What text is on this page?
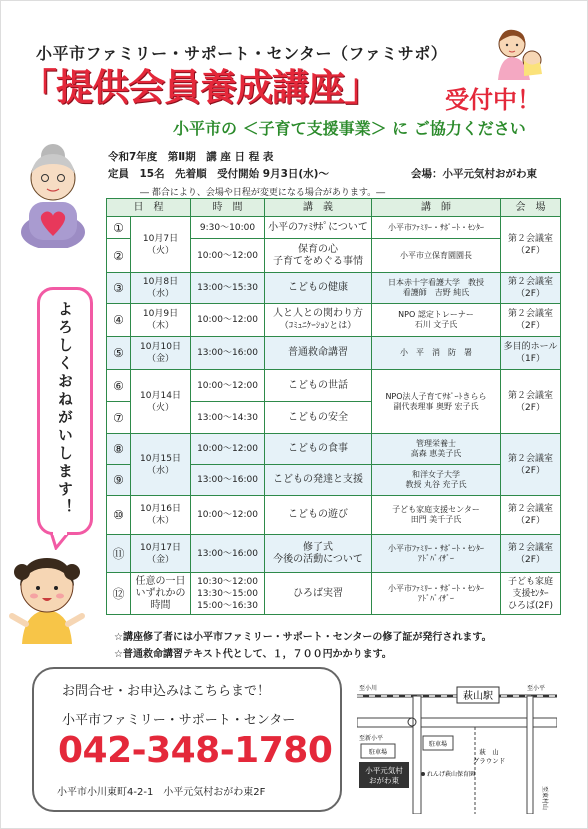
小平市ファミリー・サポート・センター（ファミサポ）
「提供会員養成講座」	受付中！
小平市の ＜子育て支援事業＞ に ご協力ください
よろしくおねがいします！
令和7年度　第Ⅱ期　講 座 日 程 表
定員　15名　先着順　受付開始 9月3日(水)～	会場：小平元気村おがわ東
― 都合により、会場や日程が変更になる場合があります。―
日　程		時　間	講　義	講　師	会　場
①	10月7日
（火）	9:30～10:00	小平のﾌｧﾐｻﾎﾟについて	小平市ﾌｧﾐﾘｰ・ｻﾎﾟｰﾄ・ｾﾝﾀｰ	第２会議室
（2F）
②		10:00～12:00	保育の心
子育てをめぐる事情	小平市立保育園園長	
③	10月8日
（水）	13:00～15:30	こどもの健康	日本赤十字看護大学　教授
看護師　吉野 純氏	第２会議室
（2F）
④	10月9日
（木）	10:00～12:00	人と人との関わり方
（ｺﾐｭﾆｹｰｼｮﾝとは）	NPO 認定トレーナー
石川 文子氏	第２会議室
（2F）
⑤	10月10日
（金）	13:00～16:00	普通救命講習	小　平　消　防　署	多目的ホール
（1F）
⑥	10月14日
（火）	10:00～12:00	こどもの世話	NPO法人子育てｻﾎﾟｰﾄきらら
副代表理事 奥野 宏子氏	第２会議室
（2F）
⑦		13:00～14:30	こどもの安全		
⑧	10月15日
（水）	10:00～12:00	こどもの食事	管理栄養士
高森 恵美子氏	第２会議室
（2F）
⑨		13:00～16:00	こどもの発達と支援	和洋女子大学
教授 丸谷 充子氏	
⑩	10月16日
（木）	10:00～12:00	こどもの遊び	子ども家庭支援センター
田門 美千子氏	第２会議室
（2F）
⑪	10月17日
（金）	13:00～16:00	修了式
今後の活動について	小平市ﾌｧﾐﾘｰ・ｻﾎﾟｰﾄ・ｾﾝﾀｰ
ｱﾄﾞﾊﾞｲｻﾞｰ	第２会議室
（2F）
⑫	任意の一日
いずれかの
時間	10:30～12:00
13:30～15:00
15:00～16:30	ひろば実習	小平市ﾌｧﾐﾘｰ・ｻﾎﾟｰﾄ・ｾﾝﾀｰ
ｱﾄﾞﾊﾞｲｻﾞｰ	子ども家庭
支援ｾﾝﾀｰ
ひろば(2F)
☆講座修了者には小平市ファミリー・サポート・センターの修了証が発行されます。
☆普通救命講習テキスト代として、１，７００円かかります。
お問合せ・お申込みはこちらまで！
小平市ファミリー・サポート・センター
042-348-1780
小平市小川東町4-2-1　小平元気村おがわ東2F
萩山駅
至小川	至小平
至東村山
至新小平
駐車場
駐車場
小平元気村
おがわ東
萩　山
グラウンド
れんげ萩山保育園
